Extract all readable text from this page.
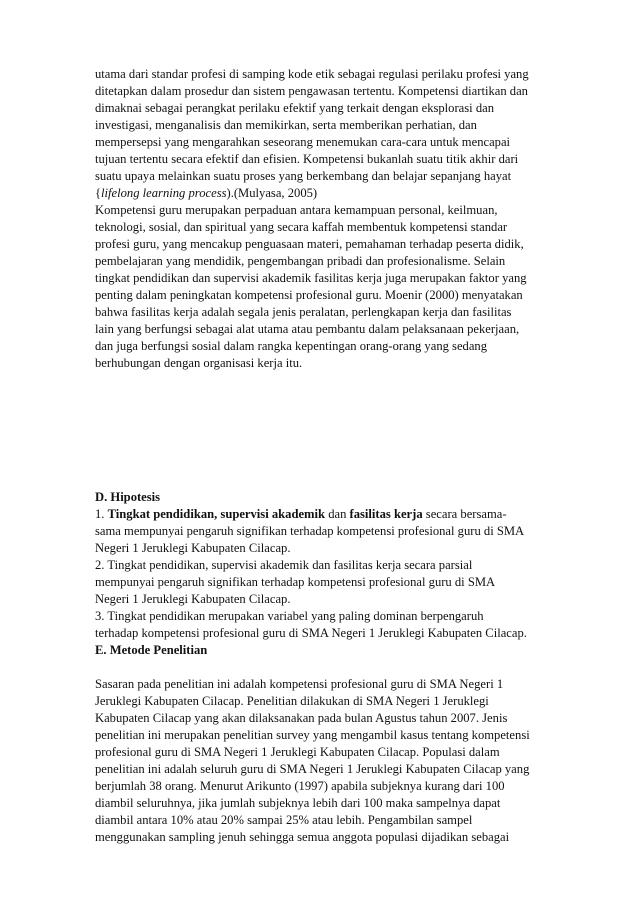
utama dari standar profesi di samping kode etik sebagai regulasi perilaku profesi yang
ditetapkan dalam prosedur dan sistem pengawasan tertentu. Kompetensi diartikan dan
dimaknai sebagai perangkat perilaku efektif yang terkait dengan eksplorasi dan
investigasi, menganalisis dan memikirkan, serta memberikan perhatian, dan
mempersepsi yang mengarahkan seseorang menemukan cara-cara untuk mencapai
tujuan tertentu secara efektif dan efisien. Kompetensi bukanlah suatu titik akhir dari
suatu upaya melainkan suatu proses yang berkembang dan belajar sepanjang hayat
{lifelong learning process).(Mulyasa, 2005)
Kompetensi guru merupakan perpaduan antara kemampuan personal, keilmuan,
teknologi, sosial, dan spiritual yang secara kaffah membentuk kompetensi standar
profesi guru, yang mencakup penguasaan materi, pemahaman terhadap peserta didik,
pembelajaran yang mendidik, pengembangan pribadi dan profesionalisme. Selain
tingkat pendidikan dan supervisi akademik fasilitas kerja juga merupakan faktor yang
penting dalam peningkatan kompetensi profesional guru. Moenir (2000) menyatakan
bahwa fasilitas kerja adalah segala jenis peralatan, perlengkapan kerja dan fasilitas
lain yang berfungsi sebagai alat utama atau pembantu dalam pelaksanaan pekerjaan,
dan juga berfungsi sosial dalam rangka kepentingan orang-orang yang sedang
berhubungan dengan organisasi kerja itu.
D. Hipotesis
1. Tingkat pendidikan, supervisi akademik dan fasilitas kerja secara bersama-
sama mempunyai pengaruh signifikan terhadap kompetensi profesional guru di SMA
Negeri 1 Jeruklegi Kabupaten Cilacap.
2. Tingkat pendidikan, supervisi akademik dan fasilitas kerja secara parsial
mempunyai pengaruh signifikan terhadap kompetensi profesional guru di SMA
Negeri 1 Jeruklegi Kabupaten Cilacap.
3. Tingkat pendidikan merupakan variabel yang paling dominan berpengaruh
terhadap kompetensi profesional guru di SMA Negeri 1 Jeruklegi Kabupaten Cilacap.
E. Metode Penelitian
Sasaran pada penelitian ini adalah kompetensi profesional guru di SMA Negeri 1
Jeruklegi Kabupaten Cilacap. Penelitian dilakukan di SMA Negeri 1 Jeruklegi
Kabupaten Cilacap yang akan dilaksanakan pada bulan Agustus tahun 2007. Jenis
penelitian ini merupakan penelitian survey yang mengambil kasus tentang kompetensi
profesional guru di SMA Negeri 1 Jeruklegi Kabupaten Cilacap. Populasi dalam
penelitian ini adalah seluruh guru di SMA Negeri 1 Jeruklegi Kabupaten Cilacap yang
berjumlah 38 orang. Menurut Arikunto (1997) apabila subjeknya kurang dari 100
diambil seluruhnya, jika jumlah subjeknya lebih dari 100 maka sampelnya dapat
diambil antara 10% atau 20% sampai 25% atau lebih. Pengambilan sampel
menggunakan sampling jenuh sehingga semua anggota populasi dijadikan sebagai
